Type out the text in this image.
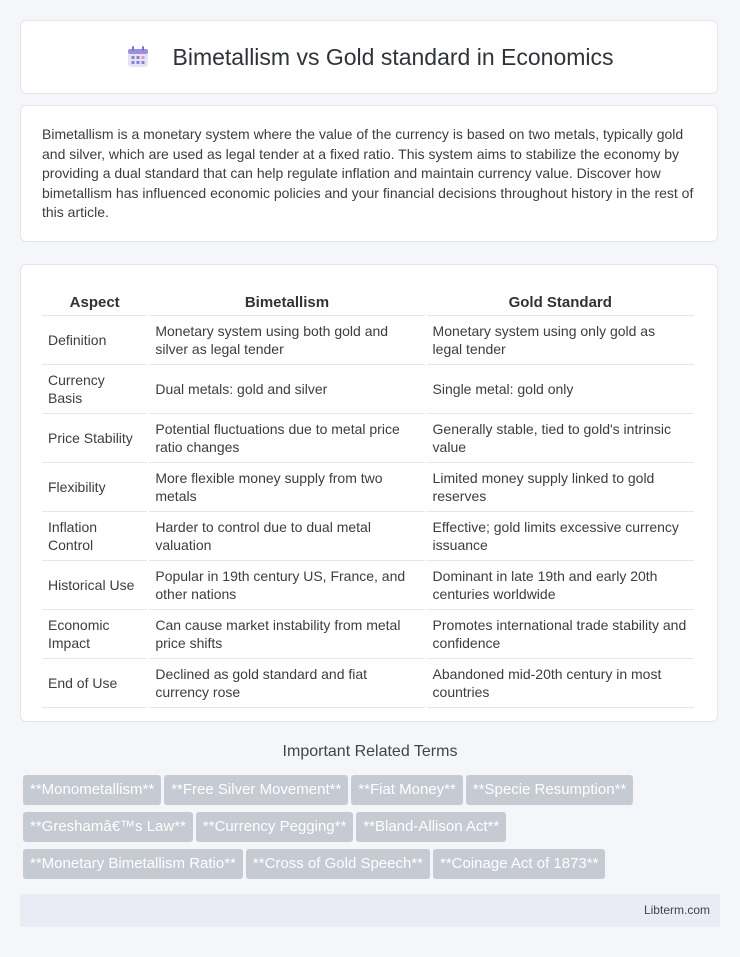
Bimetallism vs Gold standard in Economics

Bimetallism is a monetary system where the value of the currency is based on two metals, typically gold and silver, which are used as legal tender at a fixed ratio. This system aims to stabilize the economy by providing a dual standard that can help regulate inflation and maintain currency value. Discover how bimetallism has influenced economic policies and your financial decisions throughout history in the rest of this article.

Aspect	Bimetallism	Gold Standard
Definition	Monetary system using both gold and silver as legal tender	Monetary system using only gold as legal tender
Currency Basis	Dual metals: gold and silver	Single metal: gold only
Price Stability	Potential fluctuations due to metal price ratio changes	Generally stable, tied to gold's intrinsic value
Flexibility	More flexible money supply from two metals	Limited money supply linked to gold reserves
Inflation Control	Harder to control due to dual metal valuation	Effective; gold limits excessive currency issuance
Historical Use	Popular in 19th century US, France, and other nations	Dominant in late 19th and early 20th centuries worldwide
Economic Impact	Can cause market instability from metal price shifts	Promotes international trade stability and confidence
End of Use	Declined as gold standard and fiat currency rose	Abandoned mid-20th century in most countries
Important Related Terms
**Monometallism** **Free Silver Movement** **Fiat Money** **Specie Resumption**
**Greshamâ€™s Law** **Currency Pegging** **Bland-Allison Act**
**Monetary Bimetallism Ratio** **Cross of Gold Speech** **Coinage Act of 1873**
Libterm.com
